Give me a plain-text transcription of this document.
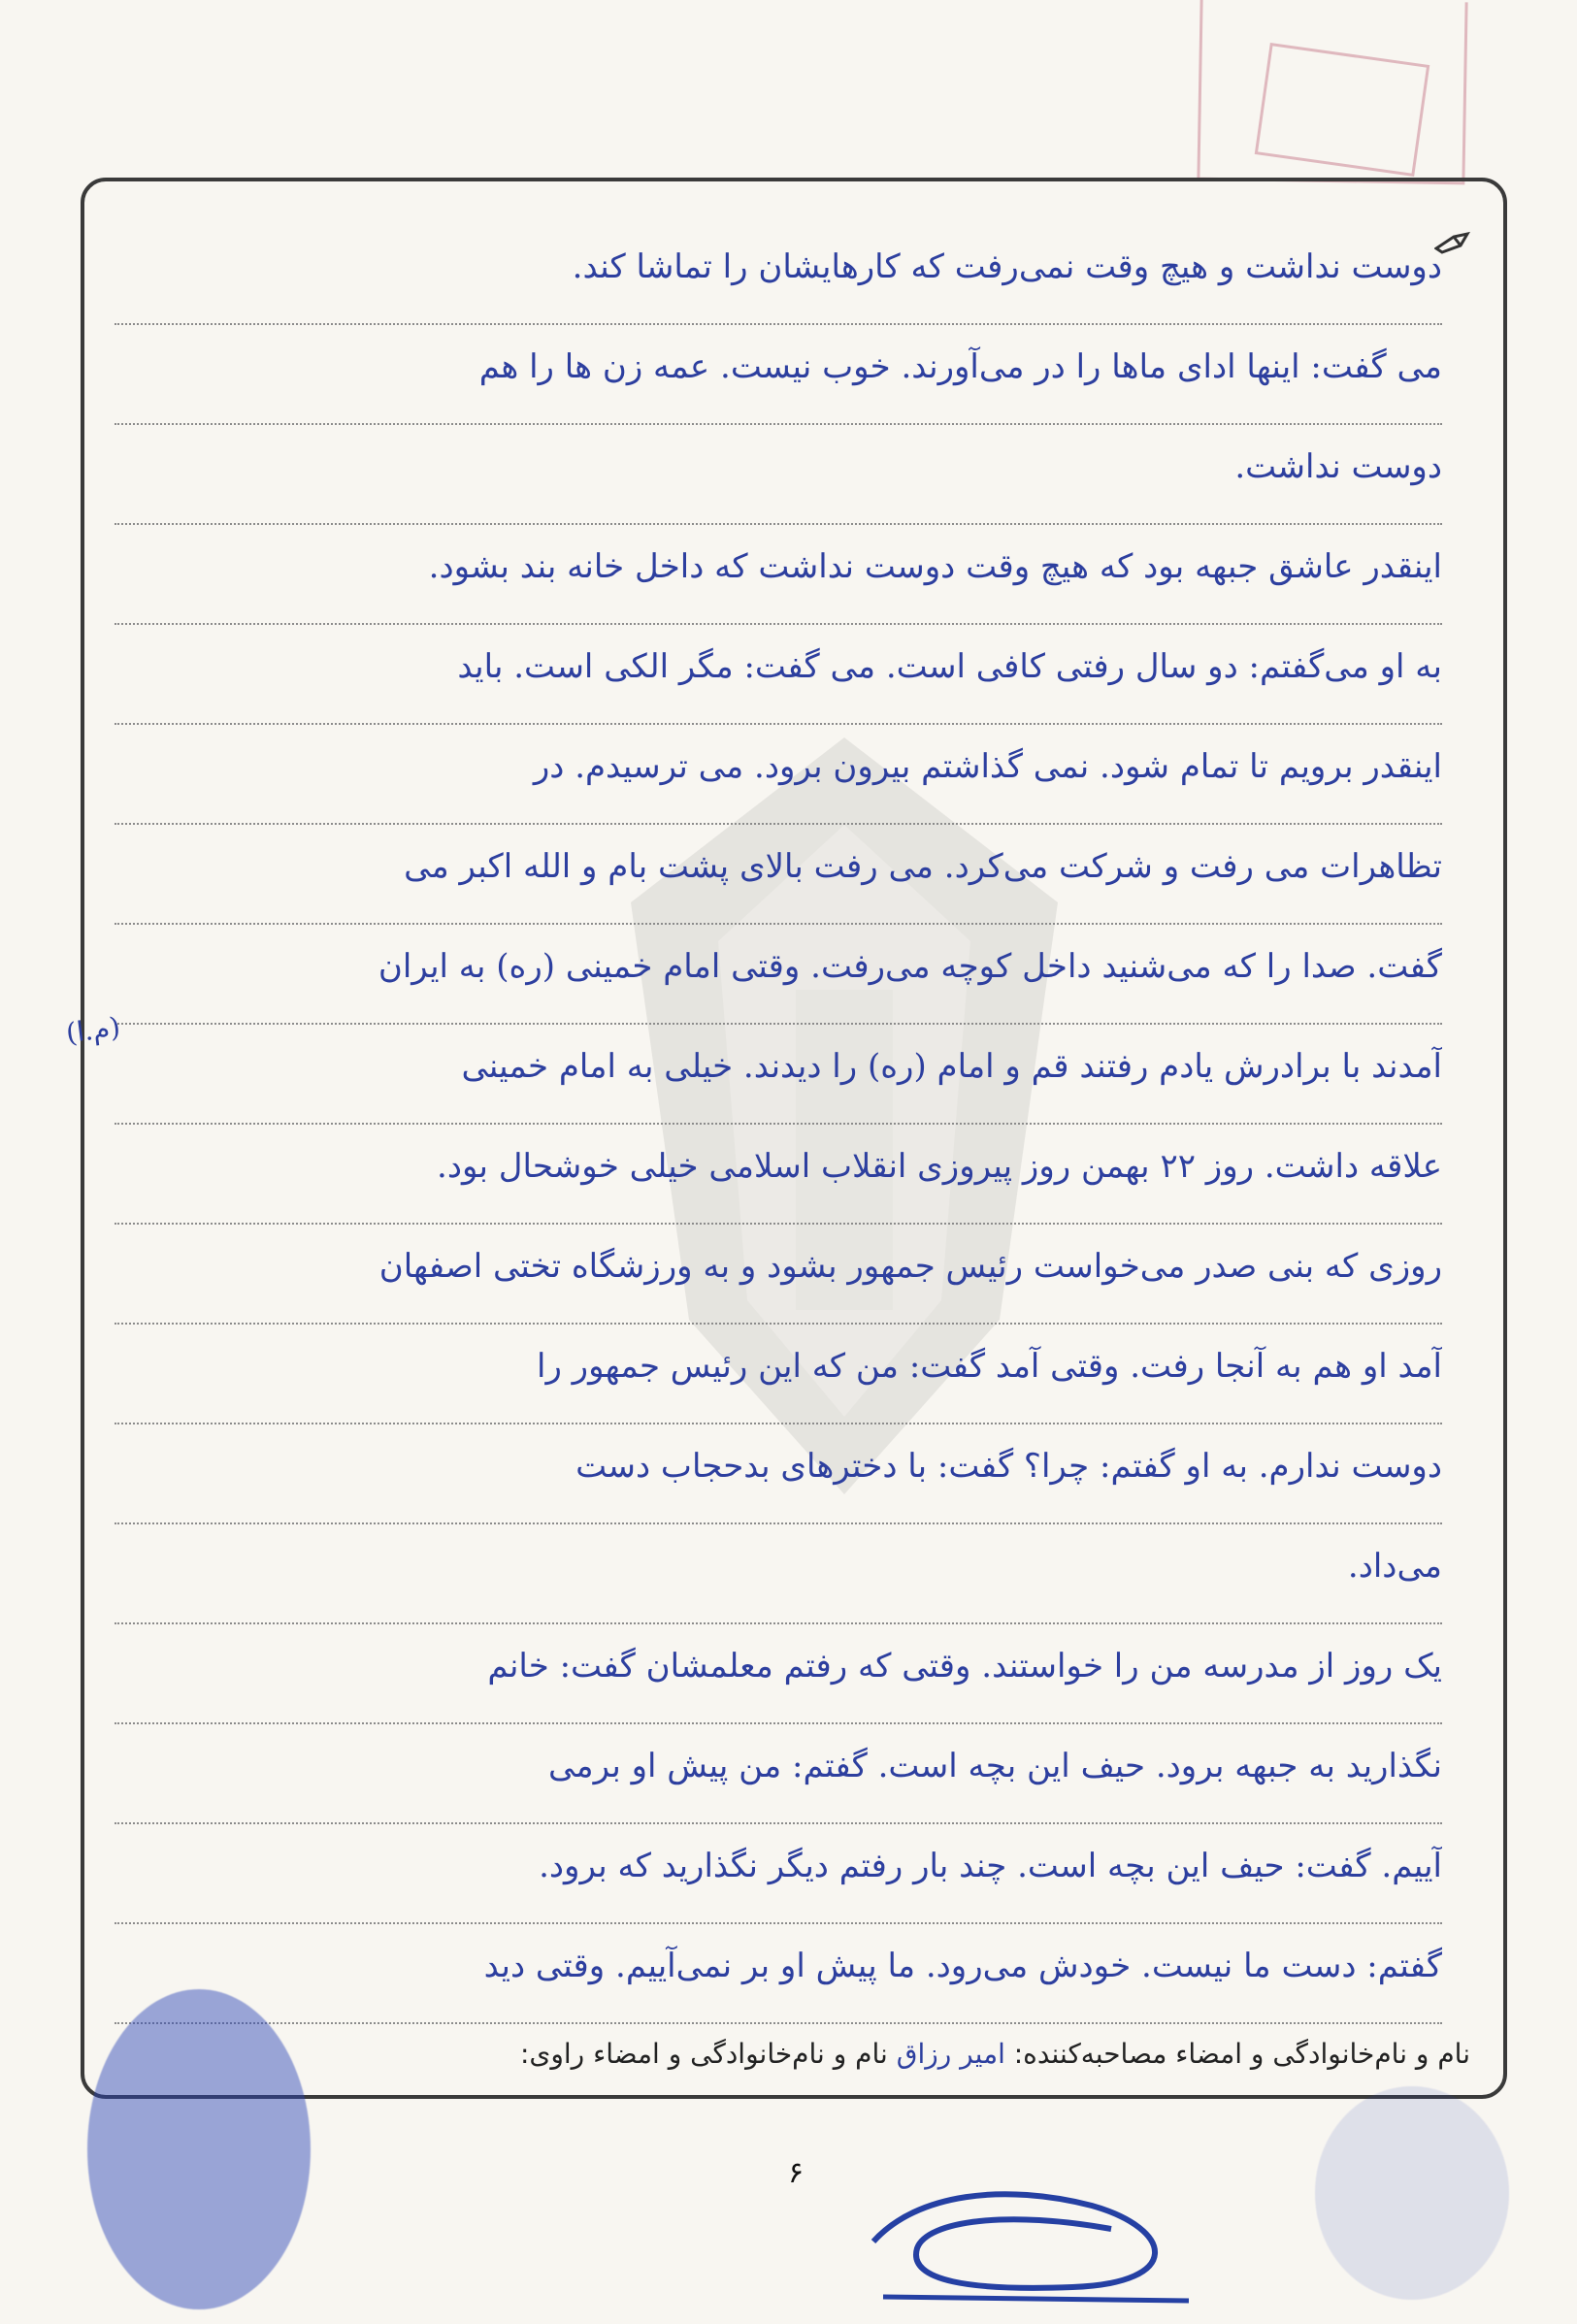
دوست نداشت و هیچ وقت نمی‌رفت که کارهایشان را تماشا کند.
می گفت: اینها ادای ما‌ها را در می‌آورند. خوب نیست. عمه زن ها را هم
دوست نداشت.
اینقدر عاشق جبهه بود که هیچ وقت دوست نداشت که داخل خانه بند بشود.
به او می‌گفتم: دو سال رفتی کافی است. می گفت: مگر الکی است. باید
اینقدر برویم تا تمام شود. نمی گذاشتم بیرون برود. می ترسیدم. در
تظاهرات می رفت و شرکت می‌کرد. می رفت بالای پشت بام و الله اکبر می
گفت. صدا را که می‌شنید داخل کوچه می‌رفت. وقتی امام خمینی (ره) به ایران
آمدند با برادرش یادم رفتند قم و امام (ره) را دیدند. خیلی به امام خمینی
علاقه داشت. روز ۲۲ بهمن روز پیروزی انقلاب اسلامی خیلی خوشحال بود.
روزی که بنی صدر می‌خواست رئیس جمهور بشود و به ورزشگاه تختی اصفهان
آمد او هم به آنجا رفت. وقتی آمد گفت: من که این رئیس جمهور را
دوست ندارم. به او گفتم: چرا؟ گفت: با دخترهای بدحجاب دست
می‌داد.
یک روز از مدرسه من را خواستند. وقتی که رفتم معلمشان گفت: خانم
نگذارید به جبهه برود. حیف این بچه است. گفتم: من پیش او برمی
آییم. گفت: حیف این بچه است. چند بار رفتم دیگر نگذارید که برود.
گفتم: دست ما نیست. خودش می‌رود. ما پیش او بر نمی‌آییم. وقتی دید
(م.ا)
نام و نام‌خانوادگی و امضاء مصاحبه‌کننده: امیر رزاق نام و نام‌خانوادگی و امضاء راوی:
۶
